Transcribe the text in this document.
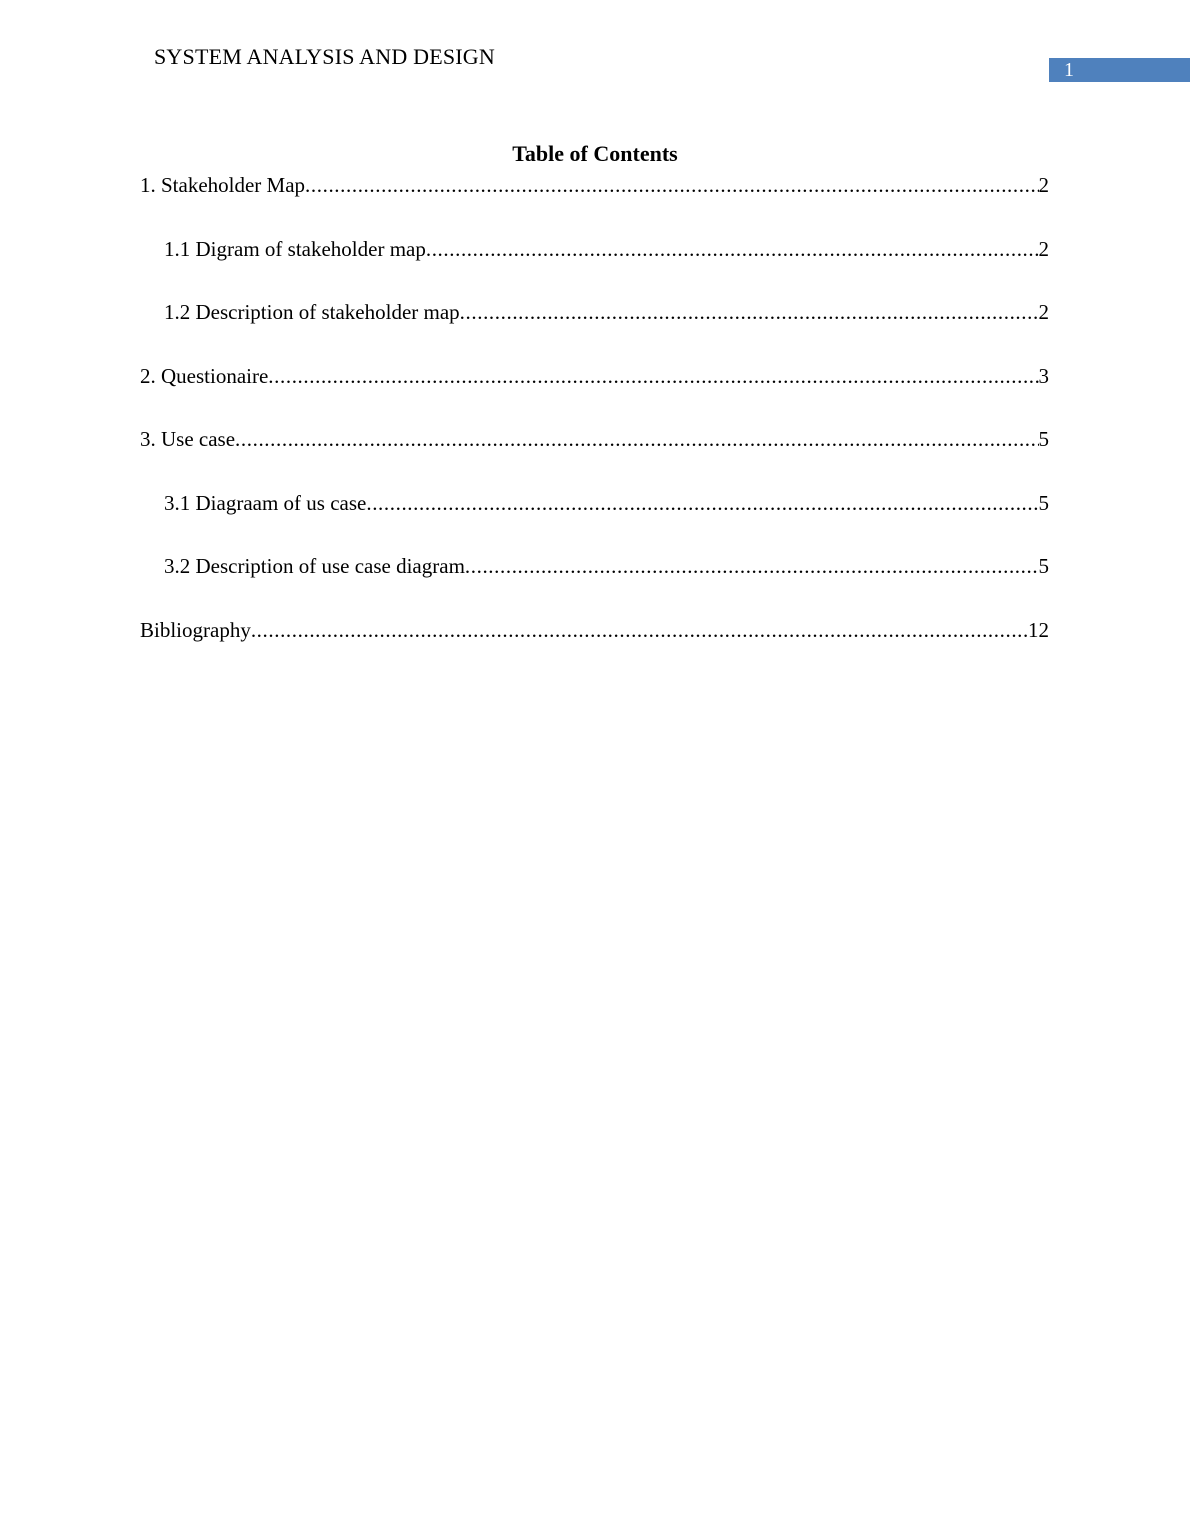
SYSTEM ANALYSIS AND DESIGN
1
Table of Contents
1. Stakeholder Map .....	2
1.1 Digram of stakeholder map .....	2
1.2 Description of stakeholder map .....	2
2. Questionaire .....	3
3. Use case .....	5
3.1 Diagraam of us case .....	5
3.2 Description of use case diagram .....	5
Bibliography .....	12
